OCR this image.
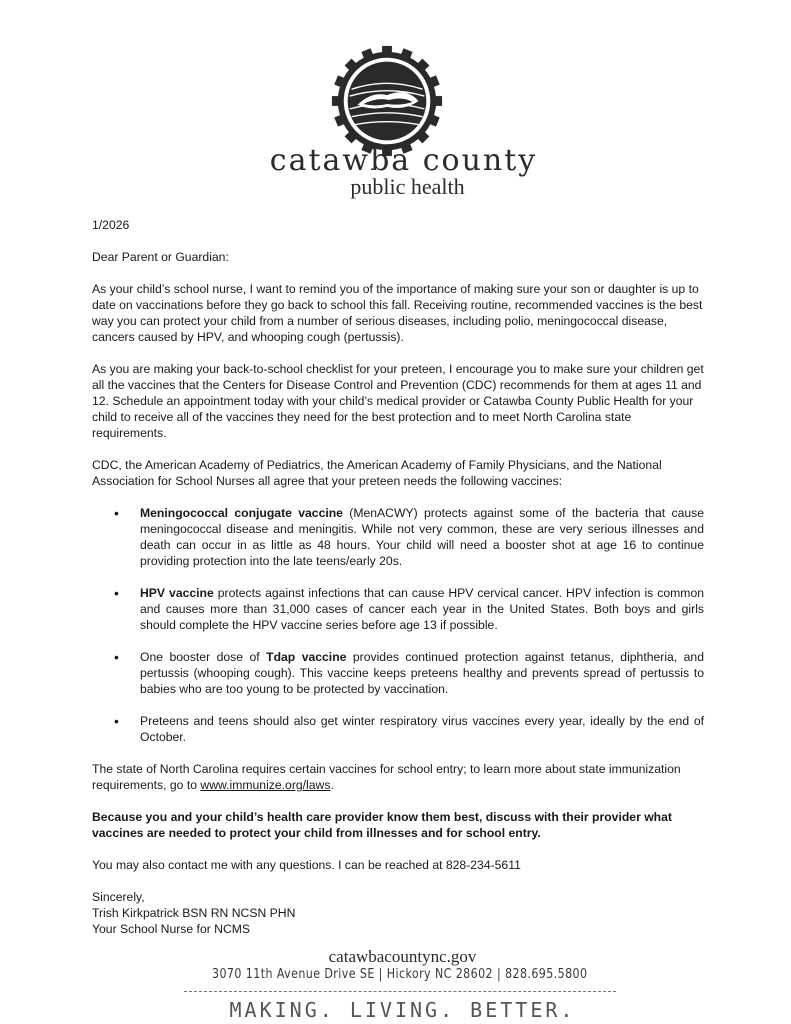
catawba county
public health

1/2026

Dear Parent or Guardian:

As your child’s school nurse, I want to remind you of the importance of making sure your son or daughter is up to date on vaccinations before they go back to school this fall. Receiving routine, recommended vaccines is the best way you can protect your child from a number of serious diseases, including polio, meningococcal disease, cancers caused by HPV, and whooping cough (pertussis).

As you are making your back-to-school checklist for your preteen, I encourage you to make sure your children get all the vaccines that the Centers for Disease Control and Prevention (CDC) recommends for them at ages 11 and 12. Schedule an appointment today with your child’s medical provider or Catawba County Public Health for your child to receive all of the vaccines they need for the best protection and to meet North Carolina state requirements.

CDC, the American Academy of Pediatrics, the American Academy of Family Physicians, and the National Association for School Nurses all agree that your preteen needs the following vaccines:

• Meningococcal conjugate vaccine (MenACWY) protects against some of the bacteria that cause meningococcal disease and meningitis. While not very common, these are very serious illnesses and death can occur in as little as 48 hours. Your child will need a booster shot at age 16 to continue providing protection into the late teens/early 20s.
• HPV vaccine protects against infections that can cause HPV cervical cancer. HPV infection is common and causes more than 31,000 cases of cancer each year in the United States. Both boys and girls should complete the HPV vaccine series before age 13 if possible.
• One booster dose of Tdap vaccine provides continued protection against tetanus, diphtheria, and pertussis (whooping cough). This vaccine keeps preteens healthy and prevents spread of pertussis to babies who are too young to be protected by vaccination.
• Preteens and teens should also get winter respiratory virus vaccines every year, ideally by the end of October.

The state of North Carolina requires certain vaccines for school entry; to learn more about state immunization requirements, go to www.immunize.org/laws.

Because you and your child’s health care provider know them best, discuss with their provider what vaccines are needed to protect your child from illnesses and for school entry.

You may also contact me with any questions. I can be reached at 828-234-5611

Sincerely,

Trish Kirkpatrick BSN RN NCSN PHN

Your School Nurse for NCMS

catawbacountync.gov
3070 11th Avenue Drive SE | Hickory NC 28602 | 828.695.5800
MAKING. LIVING. BETTER.
